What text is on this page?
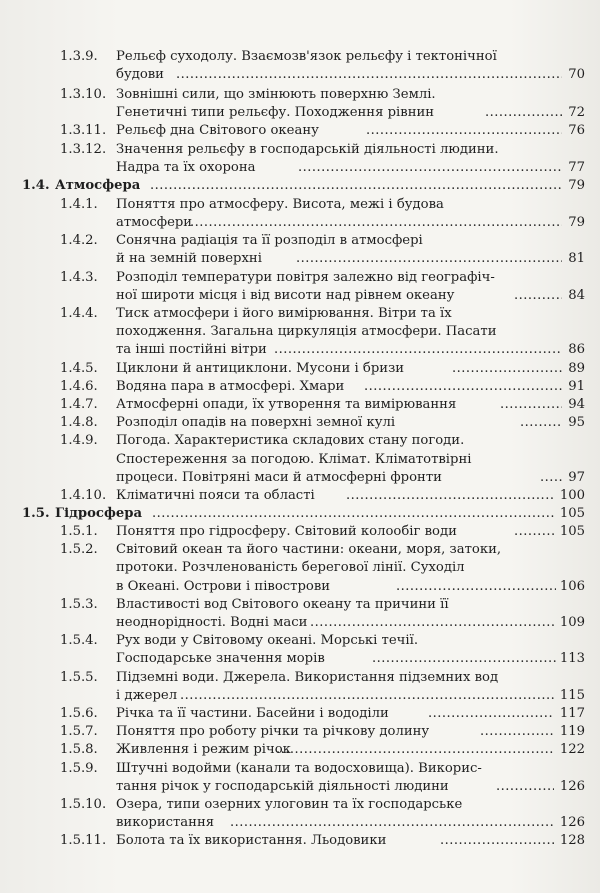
1.3.9. Рельєф суходолу. Взаємозв'язок рельєфу і тектонічної
будови .....	70
1.3.10. Зовнішні сили, що змінюють поверхню Землі.
Генетичні типи рельєфу. Походження рівнин .....	72
1.3.11. Рельєф дна Світового океану .....	76
1.3.12. Значення рельєфу в господарській діяльності людини.
Надра та їх охорона .....	77
1.4. Атмосфера .....	79
1.4.1. Поняття про атмосферу. Висота, межі і будова
атмосфери .....	79
1.4.2. Сонячна радіація та її розподіл в атмосфері
й на земній поверхні .....	81
1.4.3. Розподіл температури повітря залежно від географіч-
ної широти місця і від висоти над рівнем океану .....	84
1.4.4. Тиск атмосфери і його вимірювання. Вітри та їх
походження. Загальна циркуляція атмосфери. Пасати
та інші постійні вітри .....	86
1.4.5. Циклони й антициклони. Мусони і бризи .....	89
1.4.6. Водяна пара в атмосфері. Хмари .....	91
1.4.7. Атмосферні опади, їх утворення та вимірювання .....	94
1.4.8. Розподіл опадів на поверхні земної кулі .....	95
1.4.9. Погода. Характеристика складових стану погоди.
Спостереження за погодою. Клімат. Кліматотвірні
процеси. Повітряні маси й атмосферні фронти .....	97
1.4.10. Кліматичні пояси та області .....	100
1.5. Гідросфера .....	105
1.5.1. Поняття про гідросферу. Світовий колообіг води .....	105
1.5.2. Світовий океан та його частини: океани, моря, затоки,
протоки. Розчленованість берегової лінії. Суходіл
в Океані. Острови і півострови .....	106
1.5.3. Властивості вод Світового океану та причини її
неоднорідності. Водні маси .....	109
1.5.4. Рух води у Світовому океані. Морські течії.
Господарське значення морів .....	113
1.5.5. Підземні води. Джерела. Використання підземних вод
і джерел .....	115
1.5.6. Річка та її частини. Басейни і вододіли .....	117
1.5.7. Поняття про роботу річки та річкову долину .....	119
1.5.8. Живлення і режим річок .....	122
1.5.9. Штучні водойми (канали та водосховища). Викорис-
тання річок у господарській діяльності людини .....	126
1.5.10. Озера, типи озерних улоговин та їх господарське
використання .....	126
1.5.11. Болота та їх використання. Льодовики .....	128
